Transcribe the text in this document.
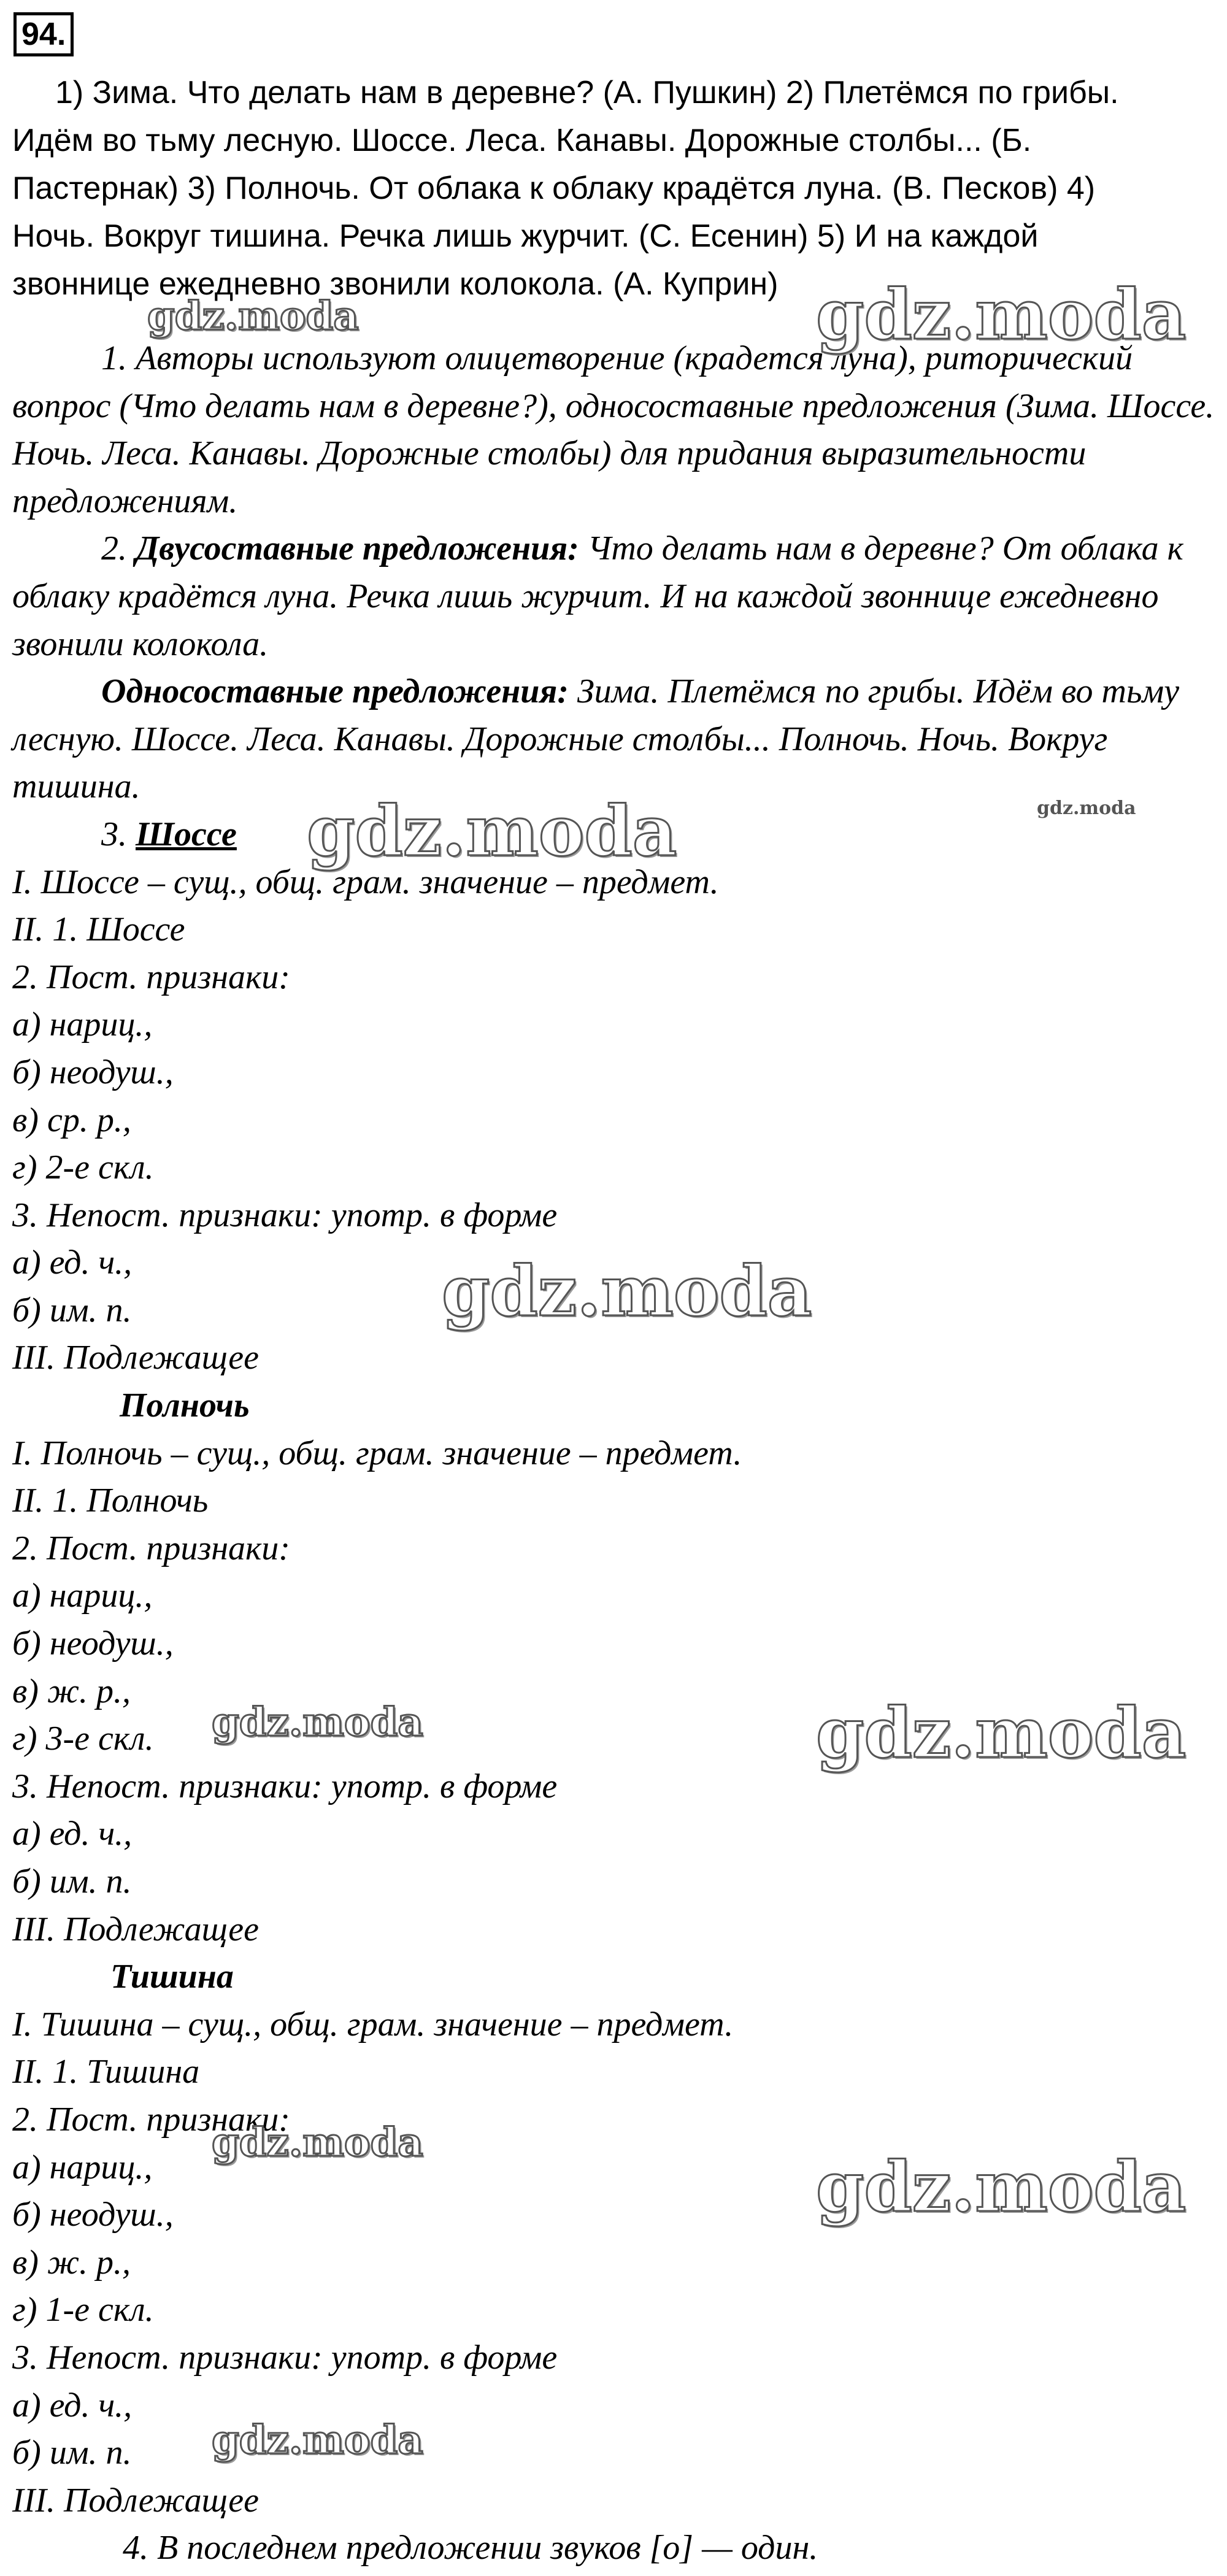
94.
1) Зима. Что делать нам в деревне? (А. Пушкин) 2) Плетёмся по грибы.
Идём во тьму лесную. Шоссе. Леса. Канавы. Дорожные столбы... (Б.
Пастернак) 3) Полночь. От облака к облаку крадётся луна. (В. Песков) 4)
Ночь. Вокруг тишина. Речка лишь журчит. (С. Есенин) 5) И на каждой
звоннице ежедневно звонили колокола. (А. Куприн)

1. Авторы используют олицетворение (крадется луна), риторический вопрос (Что делать нам в деревне?), односоставные предложения (Зима. Шоссе. Ночь. Леса. Канавы. Дорожные столбы) для придания выразительности предложениям.

2. Двусоставные предложения: Что делать нам в деревне? От облака к облаку крадётся луна. Речка лишь журчит. И на каждой звоннице ежедневно звонили колокола.

Односоставные предложения: Зима. Плетёмся по грибы. Идём во тьму лесную. Шоссе. Леса. Канавы. Дорожные столбы... Полночь. Ночь. Вокруг тишина.

3. Шоссе

I. Шоссе – сущ., общ. грам. значение – предмет.

II. 1. Шоссе

2. Пост. признаки:

а) нариц.,

б) неодуш.,

в) ср. р.,

г) 2-е скл.

3. Непост. признаки: употр. в форме

а) ед. ч.,

б) им. п.

III. Подлежащее

Полночь

I. Полночь – сущ., общ. грам. значение – предмет.

II. 1. Полночь

2. Пост. признаки:

а) нариц.,

б) неодуш.,

в) ж. р.,

г) 3-е скл.

3. Непост. признаки: употр. в форме

а) ед. ч.,

б) им. п.

III. Подлежащее

Тишина

I. Тишина – сущ., общ. грам. значение – предмет.

II. 1. Тишина

2. Пост. признаки:

а) нариц.,

б) неодуш.,

в) ж. р.,

г) 1-е скл.

3. Непост. признаки: употр. в форме

а) ед. ч.,

б) им. п.

III. Подлежащее

4. В последнем предложении звуков [о] — один.

gdz.moda	gdz.moda
gdz.moda	gdz.moda
gdz.moda
gdz.moda	gdz.moda
gdz.moda
gdz.moda
gdz.moda
